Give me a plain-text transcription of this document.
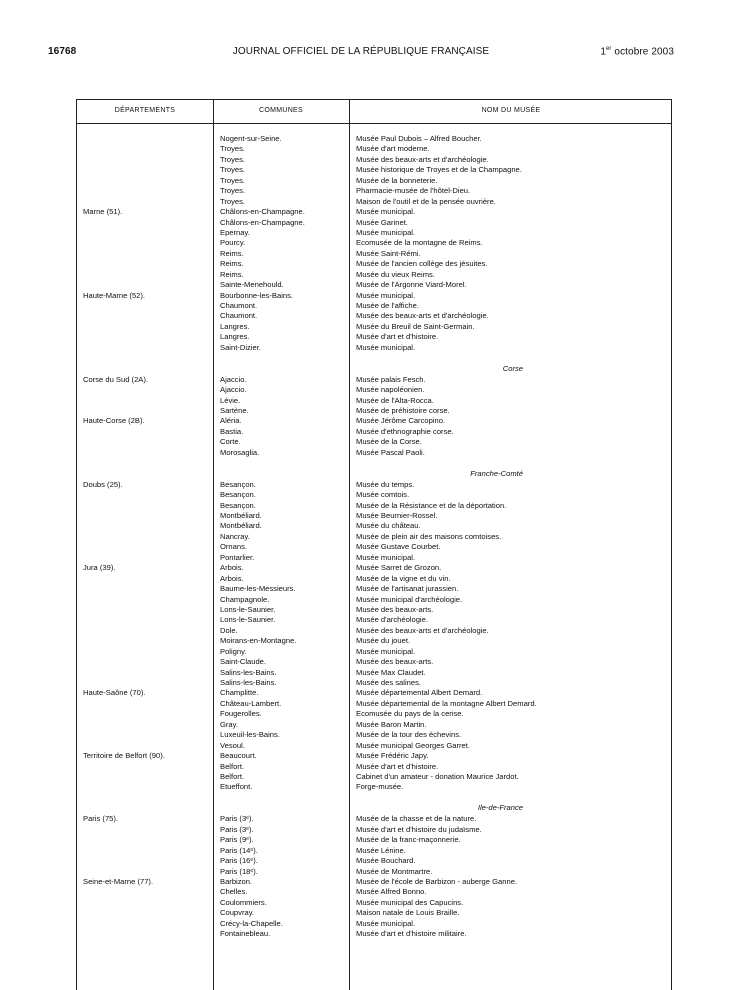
16768	JOURNAL OFFICIEL DE LA RÉPUBLIQUE FRANÇAISE	1er octobre 2003
DÉPARTEMENTS	COMMUNES	NOM DU MUSÉE
Nogent-sur-Seine.	Musée Paul Dubois – Alfred Boucher.
Troyes.	Musée d'art moderne.
Troyes.	Musée des beaux-arts et d'archéologie.
Troyes.	Musée historique de Troyes et de la Champagne.
Troyes.	Musée de la bonneterie.
Troyes.	Pharmacie-musée de l'hôtel-Dieu.
Troyes.	Maison de l'outil et de la pensée ouvrière.
Marne (51).	Châlons-en-Champagne.	Musée municipal.
Châlons-en-Champagne.	Musée Garinet.
Epernay.	Musée municipal.
Pourcy.	Ecomusée de la montagne de Reims.
Reims.	Musée Saint-Rémi.
Reims.	Musée de l'ancien collège des jésuites.
Reims.	Musée du vieux Reims.
Sainte-Menehould.	Musée de l'Argonne Viard-Morel.
Haute-Marne (52).	Bourbonne-les-Bains.	Musée municipal.
Chaumont.	Musée de l'affiche.
Chaumont.	Musée des beaux-arts et d'archéologie.
Langres.	Musée du Breuil de Saint-Germain.
Langres.	Musée d'art et d'histoire.
Saint-Dizier.	Musée municipal.
Corse
Corse du Sud (2A).	Ajaccio.	Musée palais Fesch.
Ajaccio.	Musée napoléonien.
Lévie.	Musée de l'Alta-Rocca.
Sartène.	Musée de préhistoire corse.
Haute-Corse (2B).	Aléria.	Musée Jérôme Carcopino.
Bastia.	Musée d'ethnographie corse.
Corte.	Musée de la Corse.
Morosaglia.	Musée Pascal Paoli.
Franche-Comté
Doubs (25).	Besançon.	Musée du temps.
Besançon.	Musée comtois.
Besançon.	Musée de la Résistance et de la déportation.
Montbéliard.	Musée Beurnier-Rossel.
Montbéliard.	Musée du château.
Nancray.	Musée de plein air des maisons comtoises.
Ornans.	Musée Gustave Courbet.
Pontarlier.	Musée municipal.
Jura (39).	Arbois.	Musée Sarret de Grozon.
Arbois.	Musée de la vigne et du vin.
Baume-les-Messieurs.	Musée de l'artisanat jurassien.
Champagnole.	Musée municipal d'archéologie.
Lons-le-Saunier.	Musée des beaux-arts.
Lons-le-Saunier.	Musée d'archéologie.
Dole.	Musée des beaux-arts et d'archéologie.
Moirans-en-Montagne.	Musée du jouet.
Poligny.	Musée municipal.
Saint-Claude.	Musée des beaux-arts.
Salins-les-Bains.	Musée Max Claudet.
Salins-les-Bains.	Musée des salines.
Haute-Saône (70).	Champlitte.	Musée départemental Albert Demard.
Château-Lambert.	Musée départemental de la montagne Albert Demard.
Fougerolles.	Ecomusée du pays de la cerise.
Gray.	Musée Baron Martin.
Luxeuil-les-Bains.	Musée de la tour des échevins.
Vesoul.	Musée municipal Georges Garret.
Territoire de Belfort (90).	Beaucourt.	Musée Frédéric Japy.
Belfort.	Musée d'art et d'histoire.
Belfort.	Cabinet d'un amateur - donation Maurice Jardot.
Etueffont.	Forge-musée.
Ile-de-France
Paris (75).	Paris (3ᵉ).	Musée de la chasse et de la nature.
Paris (3ᵉ).	Musée d'art et d'histoire du judaïsme.
Paris (9ᵉ).	Musée de la franc-maçonnerie.
Paris (14ᵉ).	Musée Lénine.
Paris (16ᵉ).	Musée Bouchard.
Paris (18ᵉ).	Musée de Montmartre.
Seine-et-Marne (77).	Barbizon.	Musée de l'école de Barbizon - auberge Ganne.
Chelles.	Musée Alfred Bonno.
Coulommiers.	Musée municipal des Capucins.
Coupvray.	Maison natale de Louis Braille.
Crécy-la-Chapelle.	Musée municipal.
Fontainebleau.	Musée d'art et d'histoire militaire.
